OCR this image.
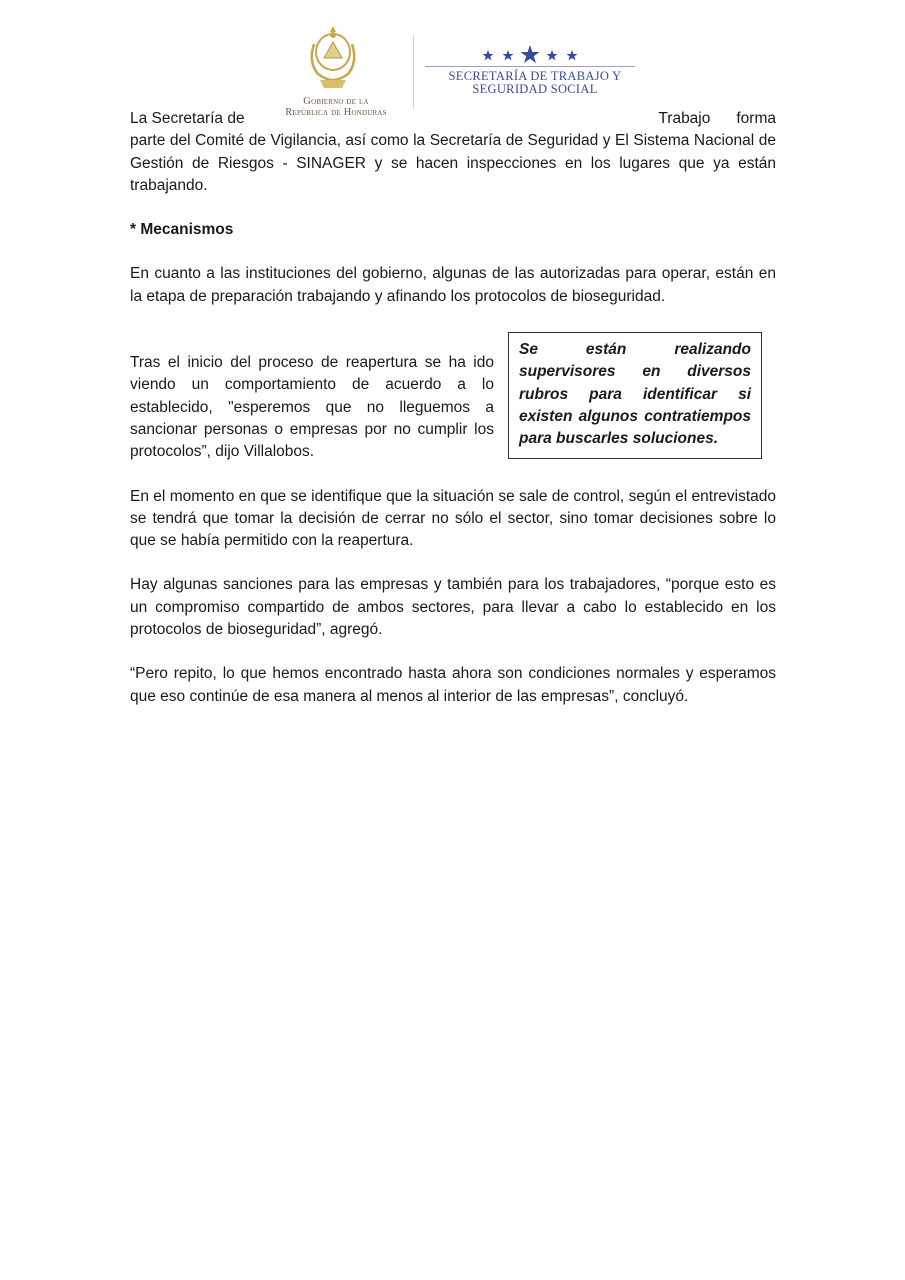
Gobierno de la
República de Honduras
SECRETARÍA DE TRABAJO Y
SEGURIDAD SOCIAL

La Secretaría de	Trabajo forma
parte del Comité de Vigilancia, así como la Secretaría de Seguridad y El Sistema Nacional de Gestión de Riesgos - SINAGER y se hacen inspecciones en los lugares que ya están trabajando.

* Mecanismos

En cuanto a las instituciones del gobierno, algunas de las autorizadas para operar, están en la etapa de preparación trabajando y afinando los protocolos de bioseguridad.

Tras el inicio del proceso de reapertura se ha ido viendo un comportamiento de acuerdo a lo establecido, "esperemos que no lleguemos a sancionar personas o empresas por no cumplir los protocolos”, dijo Villalobos.
Se están realizando supervisores en diversos rubros para identificar si existen algunos contratiempos para buscarles soluciones.

En el momento en que se identifique que la situación se sale de control, según el entrevistado se tendrá que tomar la decisión de cerrar no sólo el sector, sino tomar decisiones sobre lo que se había permitido con la reapertura.

Hay algunas sanciones para las empresas y también para los trabajadores, “porque esto es un compromiso compartido de ambos sectores, para llevar a cabo lo establecido en los protocolos de bioseguridad”, agregó.

“Pero repito, lo que hemos encontrado hasta ahora son condiciones normales y esperamos que eso continúe de esa manera al menos al interior de las empresas”, concluyó.
